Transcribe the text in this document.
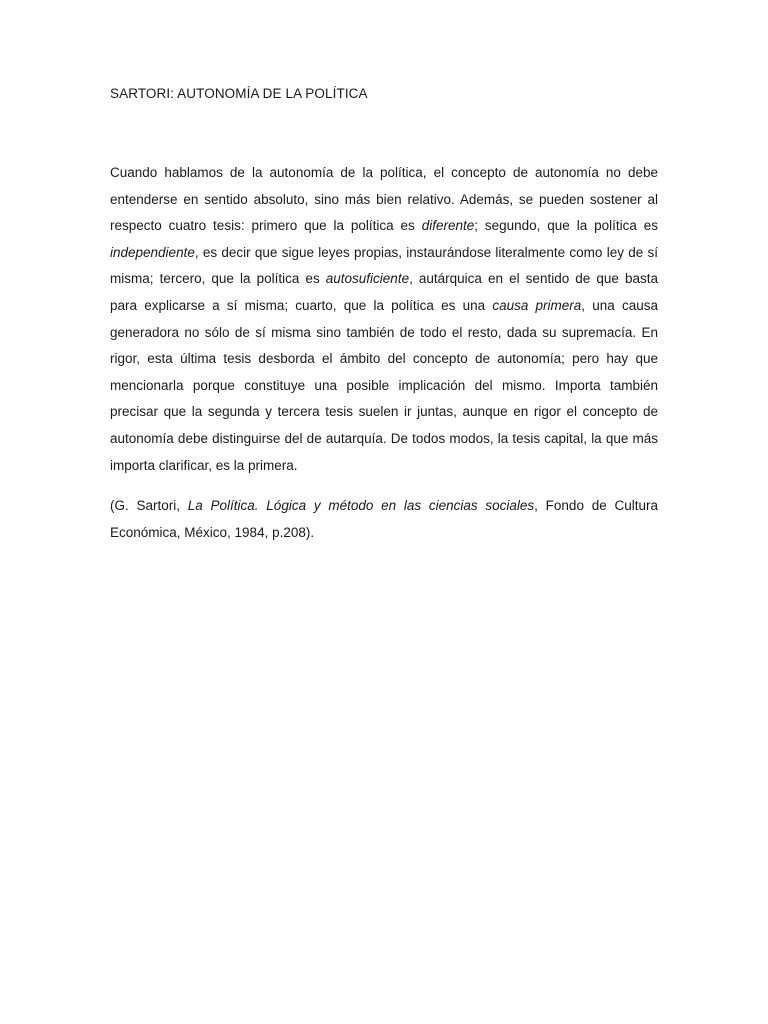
SARTORI: AUTONOMÍA DE LA POLÍTICA

Cuando hablamos de la autonomía de la política, el concepto de autonomía no debe entenderse en sentido absoluto, sino más bien relativo. Además, se pueden sostener al respecto cuatro tesis: primero que la política es diferente; segundo, que la política es independiente, es decir que sigue leyes propias, instaurándose literalmente como ley de sí misma; tercero, que la política es autosuficiente, autárquica en el sentido de que basta para explicarse a sí misma; cuarto, que la política es una causa primera, una causa generadora no sólo de sí misma sino también de todo el resto, dada su supremacía. En rigor, esta última tesis desborda el ámbito del concepto de autonomía; pero hay que mencionarla porque constituye una posible implicación del mismo. Importa también precisar que la segunda y tercera tesis suelen ir juntas, aunque en rigor el concepto de autonomía debe distinguirse del de autarquía. De todos modos, la tesis capital, la que más importa clarificar, es la primera.

(G. Sartori, La Política. Lógica y método en las ciencias sociales, Fondo de Cultura Económica, México, 1984, p.208).
